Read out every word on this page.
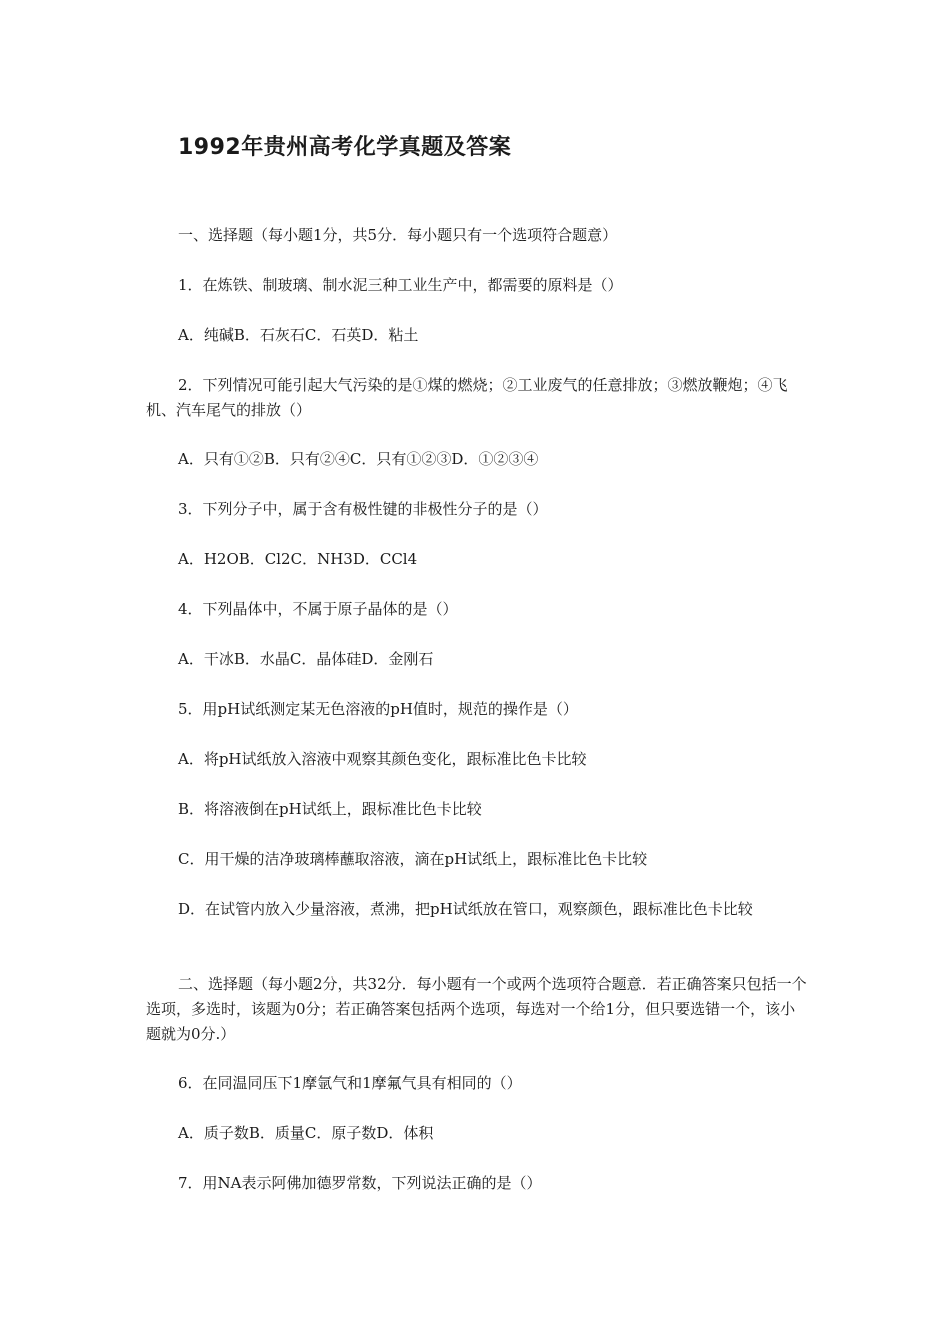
1992年贵州高考化学真题及答案

一、选择题（每小题1分，共5分．每小题只有一个选项符合题意）

1．在炼铁、制玻璃、制水泥三种工业生产中，都需要的原料是（）

A．纯碱B．石灰石C．石英D．粘土

2．下列情况可能引起大气污染的是①煤的燃烧；②工业废气的任意排放；③燃放鞭炮；④飞机、汽车尾气的排放（）

A．只有①②B．只有②④C．只有①②③D．①②③④

3．下列分子中，属于含有极性键的非极性分子的是（）

A．H2OB．Cl2C．NH3D．CCl4

4．下列晶体中，不属于原子晶体的是（）

A．干冰B．水晶C．晶体硅D．金刚石

5．用pH试纸测定某无色溶液的pH值时，规范的操作是（）

A．将pH试纸放入溶液中观察其颜色变化，跟标准比色卡比较

B．将溶液倒在pH试纸上，跟标准比色卡比较

C．用干燥的洁净玻璃棒蘸取溶液，滴在pH试纸上，跟标准比色卡比较

D．在试管内放入少量溶液，煮沸，把pH试纸放在管口，观察颜色，跟标准比色卡比较

二、选择题（每小题2分，共32分．每小题有一个或两个选项符合题意．若正确答案只包括一个选项，多选时，该题为0分；若正确答案包括两个选项，每选对一个给1分，但只要选错一个，该小题就为0分.）

6．在同温同压下1摩氩气和1摩氟气具有相同的（）

A．质子数B．质量C．原子数D．体积

7．用NA表示阿佛加德罗常数，下列说法正确的是（）
